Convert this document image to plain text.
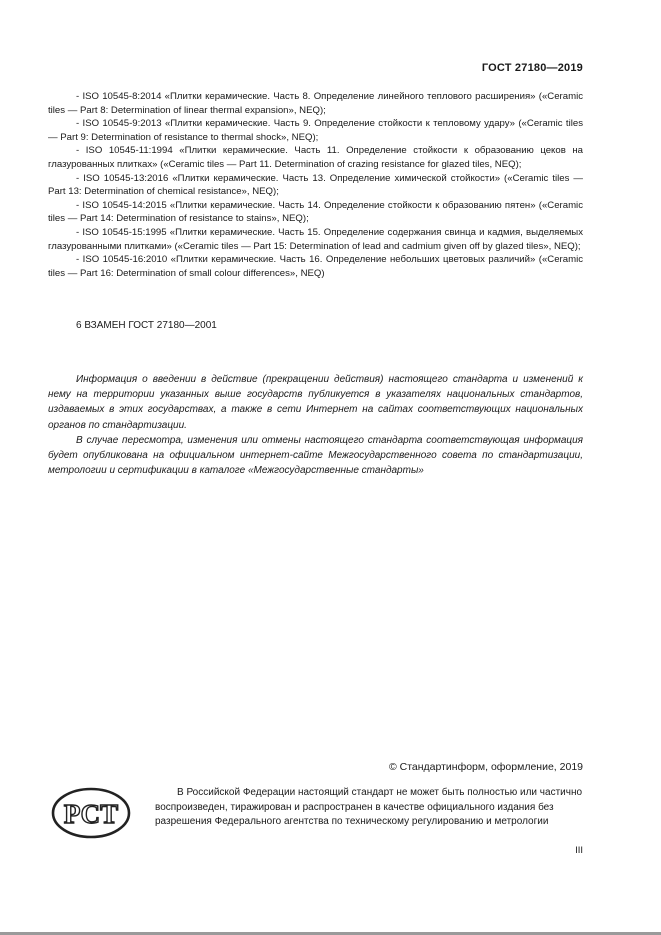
ГОСТ 27180—2019

- ISO 10545-8:2014 «Плитки керамические. Часть 8. Определение линейного теплового расширения» («Ceramic tiles — Part 8: Determination of linear thermal expansion», NEQ);

- ISO 10545-9:2013 «Плитки керамические. Часть 9. Определение стойкости к тепловому удару» («Ceramic tiles — Part 9: Determination of resistance to thermal shock», NEQ);

- ISO 10545-11:1994 «Плитки керамические. Часть 11. Определение стойкости к образованию цеков на глазурованных плитках» («Ceramic tiles — Part 11. Determination of crazing resistance for glazed tiles, NEQ);

- ISO 10545-13:2016 «Плитки керамические. Часть 13. Определение химической стойкости» («Ceramic tiles — Part 13: Determination of chemical resistance», NEQ);

- ISO 10545-14:2015 «Плитки керамические. Часть 14. Определение стойкости к образованию пятен» («Ceramic tiles — Part 14: Determination of resistance to stains», NEQ);

- ISO 10545-15:1995 «Плитки керамические. Часть 15. Определение содержания свинца и кадмия, выделяемых глазурованными плитками» («Ceramic tiles — Part 15: Determination of lead and cadmium given off by glazed tiles», NEQ);

- ISO 10545-16:2010 «Плитки керамические. Часть 16. Определение небольших цветовых различий» («Ceramic tiles — Part 16: Determination of small colour differences», NEQ)

6 ВЗАМЕН ГОСТ 27180—2001

Информация о введении в действие (прекращении действия) настоящего стандарта и изменений к нему на территории указанных выше государств публикуется в указателях национальных стандартов, издаваемых в этих государствах, а также в сети Интернет на сайтах соответствующих национальных органов по стандартизации.

В случае пересмотра, изменения или отмены настоящего стандарта соответствующая информация будет опубликована на официальном интернет-сайте Межгосударственного совета по стандартизации, метрологии и сертификации в каталоге «Межгосударственные стандарты»

© Стандартинформ, оформление, 2019
РСТ

В Российской Федерации настоящий стандарт не может быть полностью или частично воспроизведен, тиражирован и распространен в качестве официального издания без разрешения Федерального агентства по техническому регулированию и метрологии

III
